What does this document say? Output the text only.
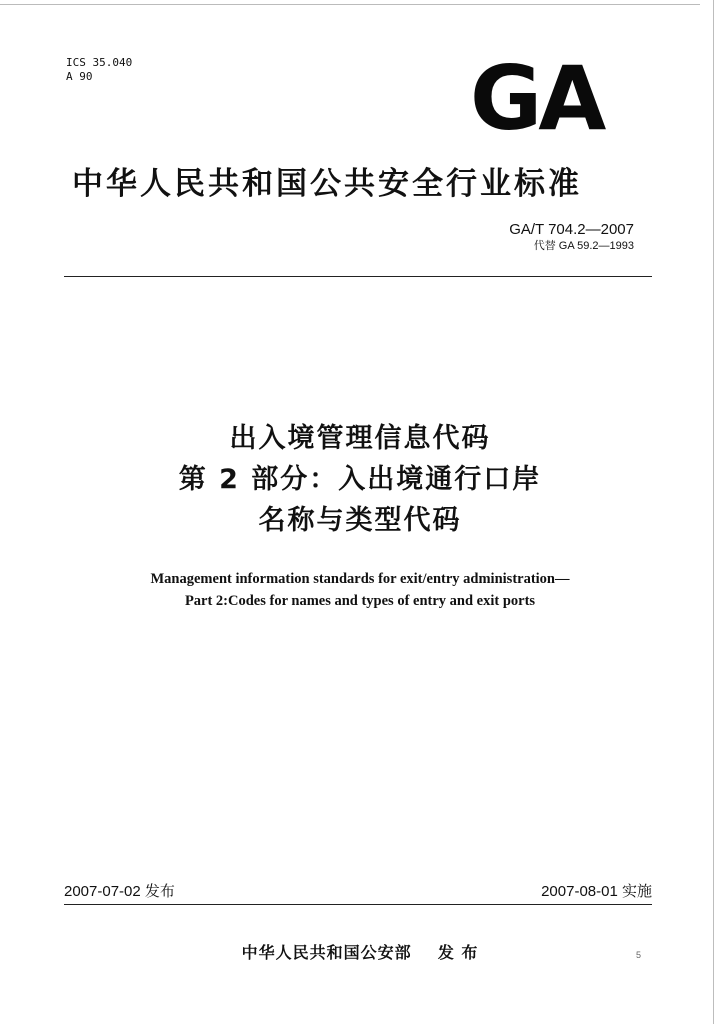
ICS 35.040
A 90	GA
中华人民共和国公共安全行业标准
GA/T 704.2—2007
代替 GA 59.2—1993
出入境管理信息代码
第 2 部分：入出境通行口岸
名称与类型代码
Management information standards for exit/entry administration—
Part 2:Codes for names and types of entry and exit ports
2007-07-02 发布	2007-08-01 实施
中华人民共和国公安部    发 布	5
